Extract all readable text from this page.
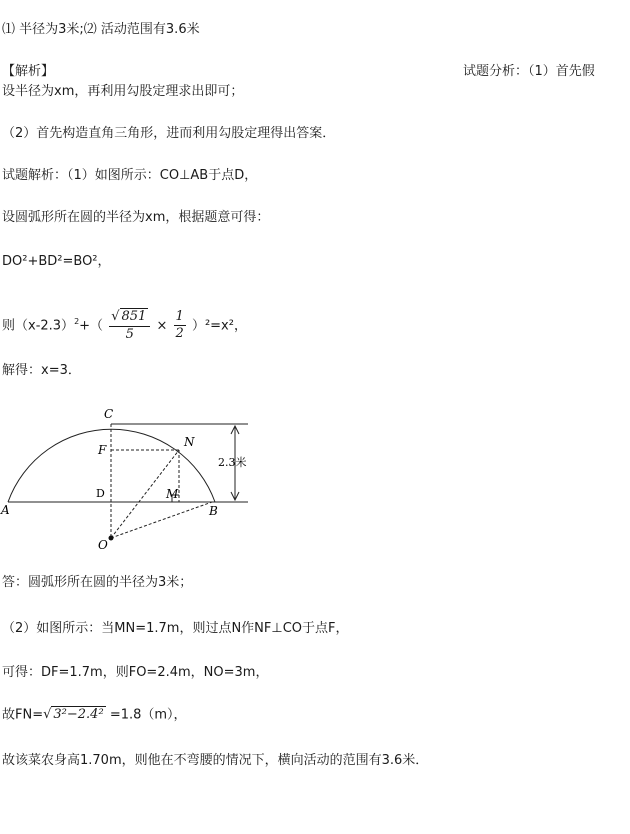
⑴ 半径为3米;⑵ 活动范围有3.6米
【解析】	试题分析：（1）首先假
设半径为xm，再利用勾股定理求出即可；
（2）首先构造直角三角形，进而利用勾股定理得出答案．
试题解析：（1）如图所示：CO⊥AB于点D，
设圆弧形所在圆的半径为xm，根据题意可得：
DO²+BD²=BO²，
则$(x-2.3)^2+( \frac{√ 851}{5} \times \frac{1}{2} )^2=x^2$，
解得：x=3．
C
N
F
D	M
A	B
O
2.3米
答：圆弧形所在圆的半径为3米；
（2）如图所示：当MN=1.7m，则过点N作NF⊥CO于点F，
可得：DF=1.7m，则FO=2.4m，NO=3m，
故FN=√ 3²−2.4² =1.8（m），
故该菜农身高1.70m，则他在不弯腰的情况下，横向活动的范围有3.6米．
